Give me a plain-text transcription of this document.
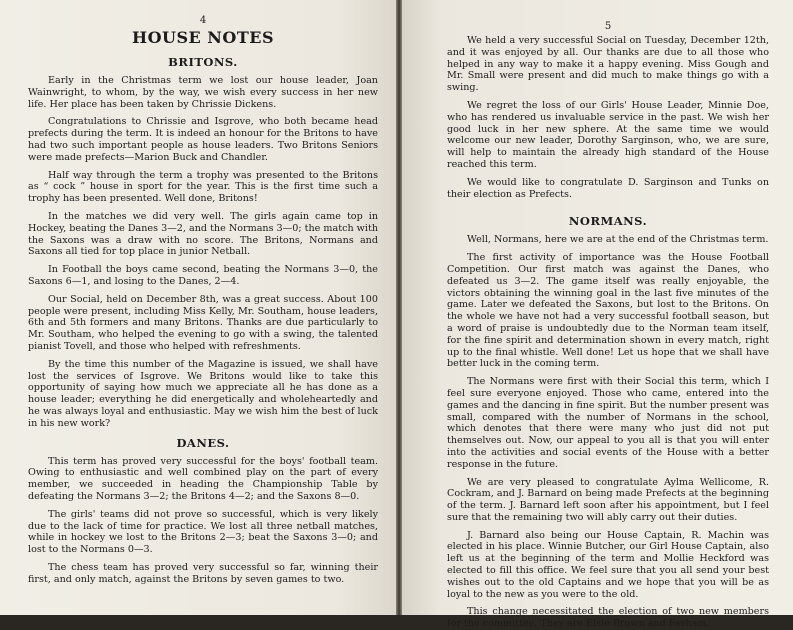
4
HOUSE NOTES
BRITONS.

Early in the Christmas term we lost our house leader, Joan Wainwright, to whom, by the way, we wish every success in her new life. Her place has been taken by Chrissie Dickens.

Congratulations to Chrissie and Isgrove, who both became head prefects during the term. It is indeed an honour for the Britons to have had two such important people as house leaders. Two Britons Seniors were made prefects—Marion Buck and Chandler.

Half way through the term a trophy was presented to the Britons as “ cock ” house in sport for the year. This is the first time such a trophy has been presented. Well done, Britons!

In the matches we did very well. The girls again came top in Hockey, beating the Danes 3—2, and the Normans 3—0; the match with the Saxons was a draw with no score. The Britons, Normans and Saxons all tied for top place in junior Netball.

In Football the boys came second, beating the Normans 3—0, the Saxons 6—1, and losing to the Danes, 2—4.

Our Social, held on December 8th, was a great success. About 100 people were present, including Miss Kelly, Mr. Southam, house leaders, 6th and 5th formers and many Britons. Thanks are due particularly to Mr. Southam, who helped the evening to go with a swing, the talented pianist Tovell, and those who helped with refreshments.

By the time this number of the Magazine is issued, we shall have lost the services of Isgrove. We Britons would like to take this opportunity of saying how much we appreciate all he has done as a house leader; everything he did energetically and wholeheartedly and he was always loyal and enthusiastic. May we wish him the best of luck in his new work?

DANES.

This term has proved very successful for the boys' football team. Owing to enthusiastic and well combined play on the part of every member, we succeeded in heading the Championship Table by defeating the Normans 3—2; the Britons 4—2; and the Saxons 8—0.

The girls' teams did not prove so successful, which is very likely due to the lack of time for practice. We lost all three netball matches, while in hockey we lost to the Britons 2—3; beat the Saxons 3—0; and lost to the Normans 0—3.

The chess team has proved very successful so far, winning their first, and only match, against the Britons by seven games to two.

5

We held a very successful Social on Tuesday, December 12th, and it was enjoyed by all. Our thanks are due to all those who helped in any way to make it a happy evening. Miss Gough and Mr. Small were present and did much to make things go with a swing.

We regret the loss of our Girls' House Leader, Minnie Doe, who has rendered us invaluable service in the past. We wish her good luck in her new sphere. At the same time we would welcome our new leader, Dorothy Sarginson, who, we are sure, will help to maintain the already high standard of the House reached this term.

We would like to congratulate D. Sarginson and Tunks on their election as Prefects.

NORMANS.

Well, Normans, here we are at the end of the Christmas term.

The first activity of importance was the House Football Competition. Our first match was against the Danes, who defeated us 3—2. The game itself was really enjoyable, the victors obtaining the winning goal in the last five minutes of the game. Later we defeated the Saxons, but lost to the Britons. On the whole we have not had a very successful football season, but a word of praise is undoubtedly due to the Norman team itself, for the fine spirit and determination shown in every match, right up to the final whistle. Well done! Let us hope that we shall have better luck in the coming term.

The Normans were first with their Social this term, which I feel sure everyone enjoyed. Those who came, entered into the games and the dancing in fine spirit. But the number present was small, compared with the number of Normans in the school, which denotes that there were many who just did not put themselves out. Now, our appeal to you all is that you will enter into the activities and social events of the House with a better response in the future.

We are very pleased to congratulate Aylma Wellicome, R. Cockram, and J. Barnard on being made Prefects at the beginning of the term. J. Barnard left soon after his appointment, but I feel sure that the remaining two will ably carry out their duties.

J. Barnard also being our House Captain, R. Machin was elected in his place. Winnie Butcher, our Girl House Captain, also left us at the beginning of the term and Mollie Heckford was elected to fill this office. We feel sure that you all send your best wishes out to the old Captains and we hope that you will be as loyal to the new as you were to the old.

This change necessitated the election of two new members for the committee. They are Elsie Brown and Fasham.
